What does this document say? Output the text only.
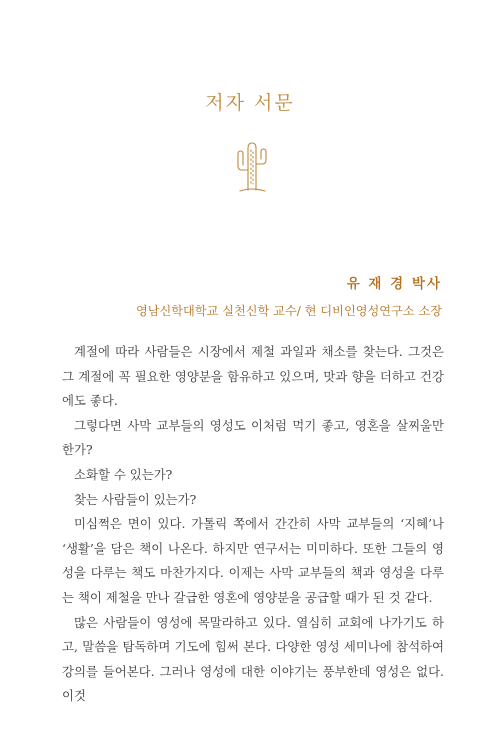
저자 서문

유 재 경 박사

영남신학대학교 실천신학 교수/ 현 디비인영성연구소 소장

계절에 따라 사람들은 시장에서 제철 과일과 채소를 찾는다. 그것은 그 계절에 꼭 필요한 영양분을 함유하고 있으며, 맛과 향을 더하고 건강에도 좋다.

그렇다면 사막 교부들의 영성도 이처럼 먹기 좋고, 영혼을 살찌울만한가?

소화할 수 있는가?

찾는 사람들이 있는가?

미심쩍은 면이 있다. 가톨릭 쪽에서 간간히 사막 교부들의 ‘지혜’나 ‘생활’을 담은 책이 나온다. 하지만 연구서는 미미하다. 또한 그들의 영성을 다루는 책도 마찬가지다. 이제는 사막 교부들의 책과 영성을 다루는 책이 제철을 만나 갈급한 영혼에 영양분을 공급할 때가 된 것 같다.

많은 사람들이 영성에 목말라하고 있다. 열심히 교회에 나가기도 하고, 말씀을 탐독하며 기도에 힘써 본다. 다양한 영성 세미나에 참석하여 강의를 들어본다. 그러나 영성에 대한 이야기는 풍부한데 영성은 없다. 이것
